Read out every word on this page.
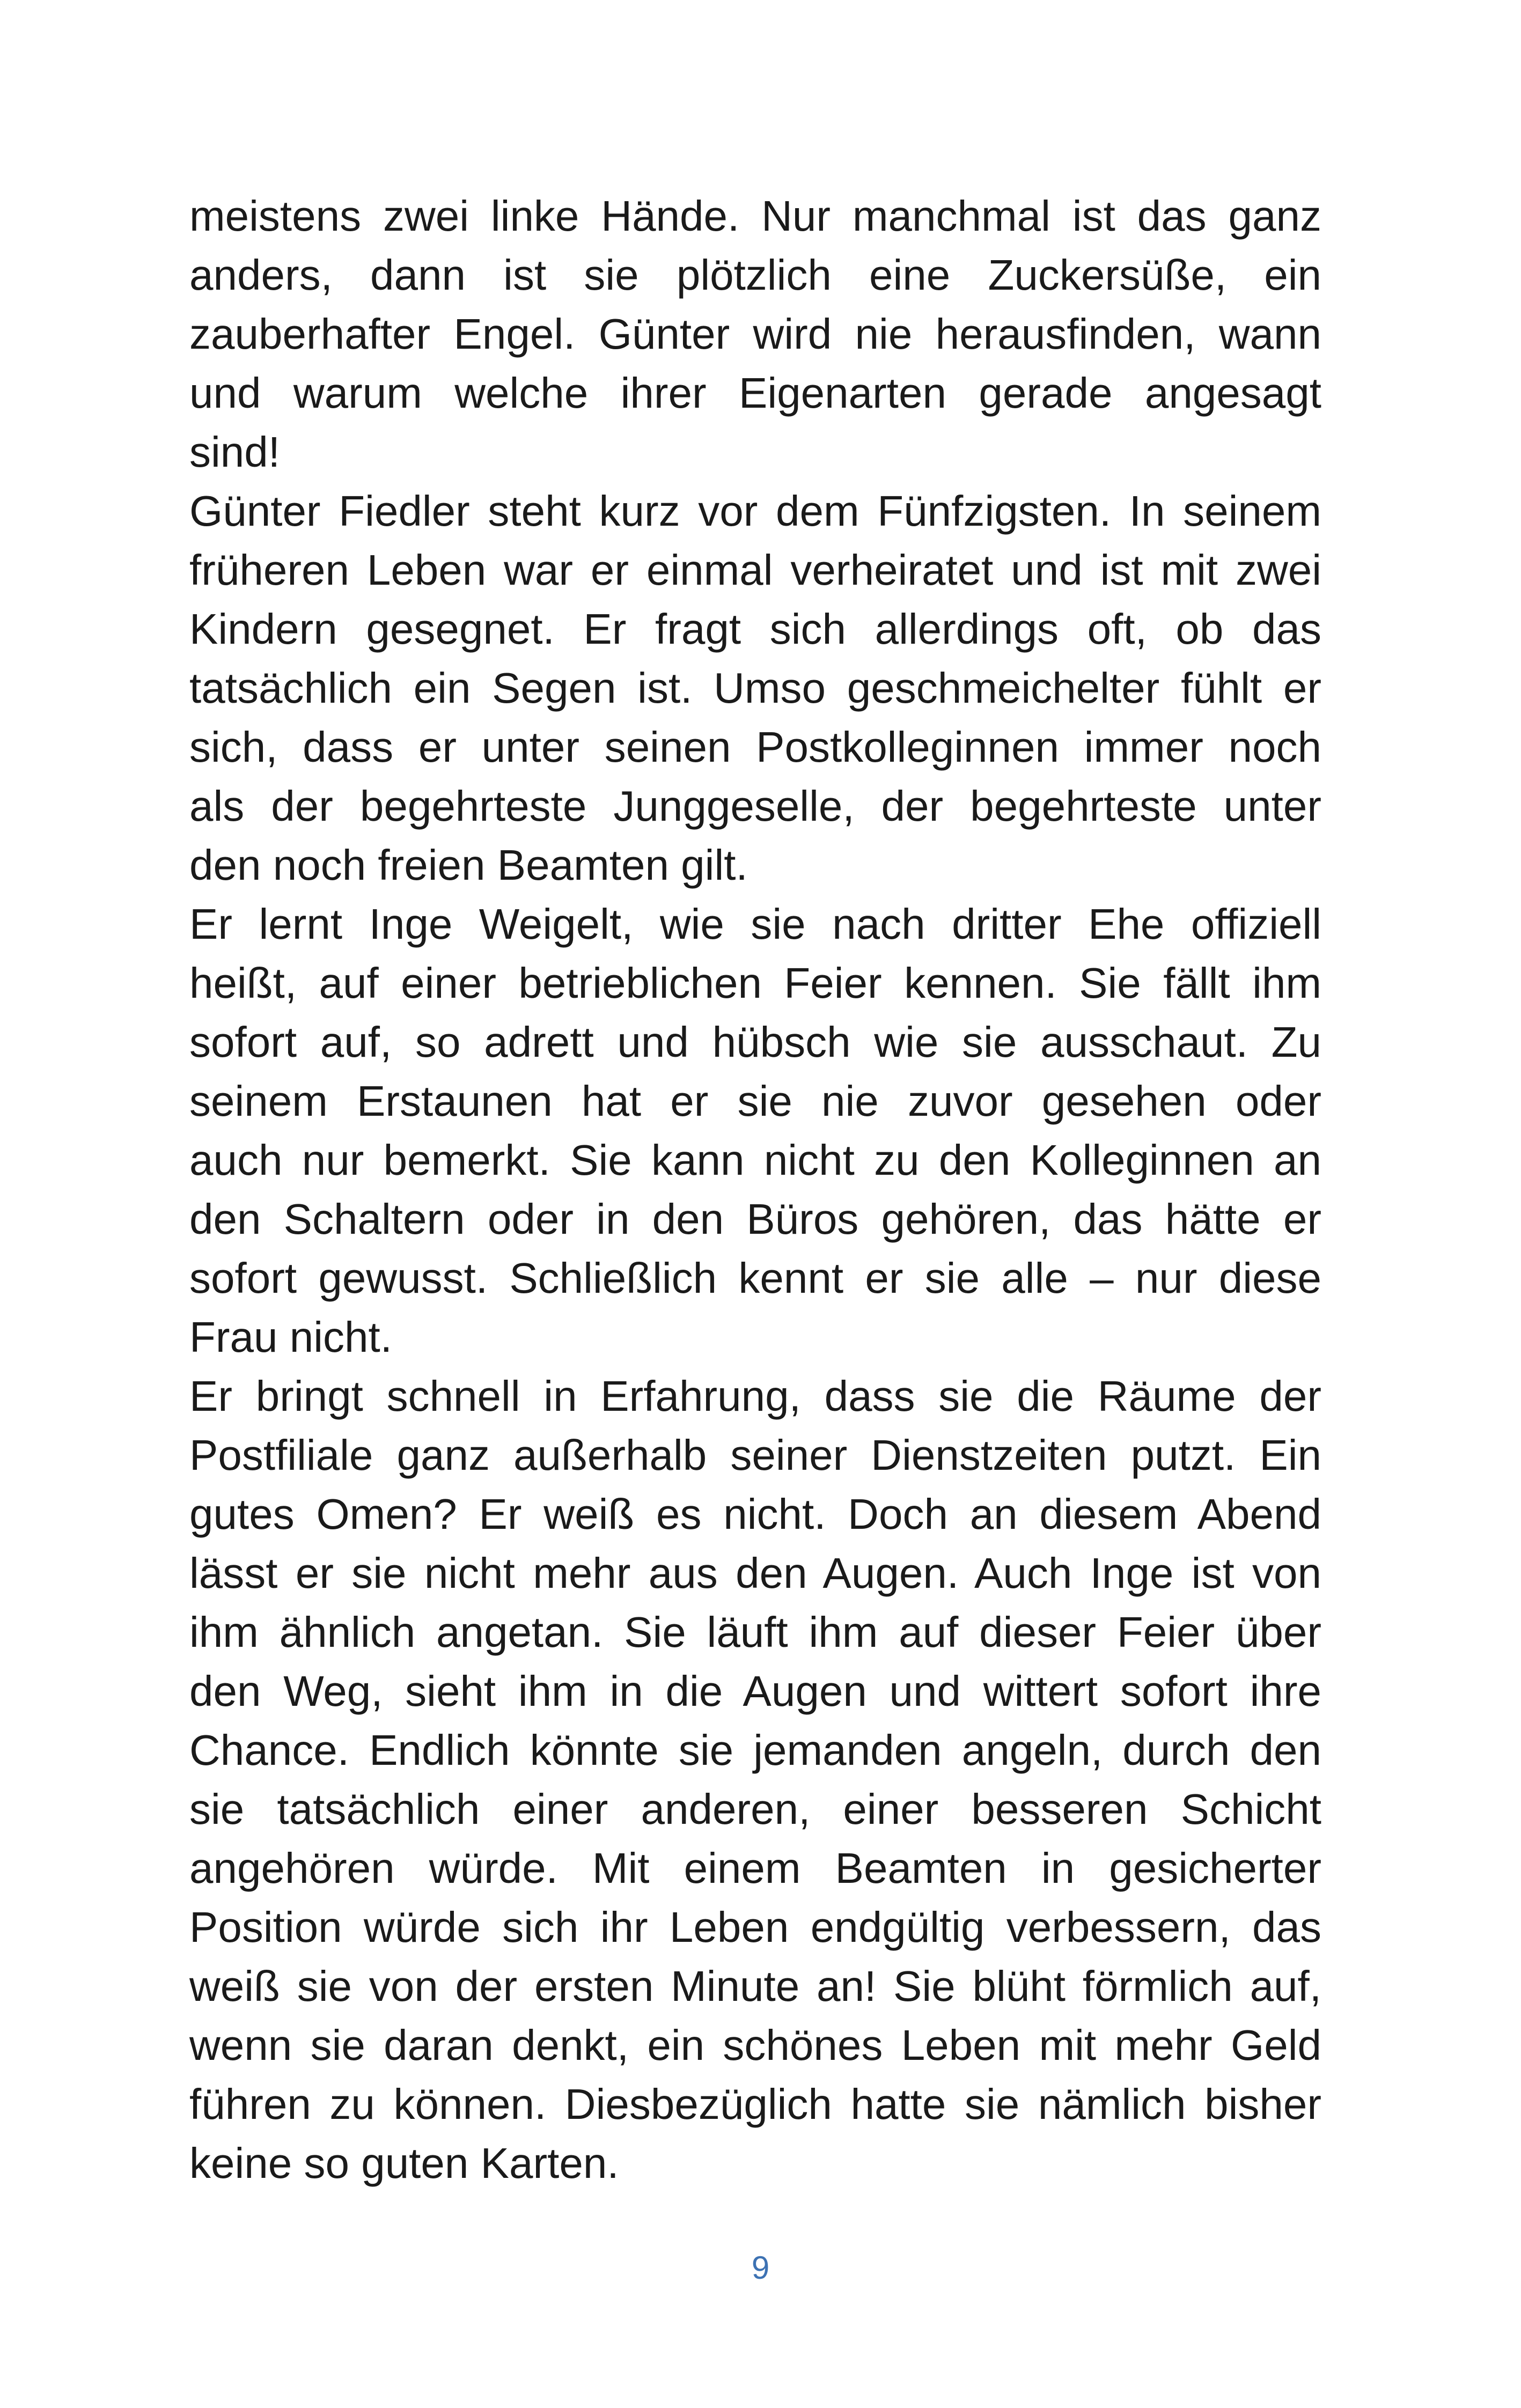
meistens zwei linke Hände. Nur manchmal ist das ganz
anders, dann ist sie plötzlich eine Zuckersüße, ein
zauberhafter Engel. Günter wird nie herausfinden, wann
und warum welche ihrer Eigenarten gerade angesagt
sind!
Günter Fiedler steht kurz vor dem Fünfzigsten. In seinem
früheren Leben war er einmal verheiratet und ist mit zwei
Kindern gesegnet. Er fragt sich allerdings oft, ob das
tatsächlich ein Segen ist. Umso geschmeichelter fühlt er
sich, dass er unter seinen Postkolleginnen immer noch
als der begehrteste Junggeselle, der begehrteste unter
den noch freien Beamten gilt.
Er lernt Inge Weigelt, wie sie nach dritter Ehe offiziell
heißt, auf einer betrieblichen Feier kennen. Sie fällt ihm
sofort auf, so adrett und hübsch wie sie ausschaut. Zu
seinem Erstaunen hat er sie nie zuvor gesehen oder
auch nur bemerkt. Sie kann nicht zu den Kolleginnen an
den Schaltern oder in den Büros gehören, das hätte er
sofort gewusst. Schließlich kennt er sie alle – nur diese
Frau nicht.
Er bringt schnell in Erfahrung, dass sie die Räume der
Postfiliale ganz außerhalb seiner Dienstzeiten putzt. Ein
gutes Omen? Er weiß es nicht. Doch an diesem Abend
lässt er sie nicht mehr aus den Augen. Auch Inge ist von
ihm ähnlich angetan. Sie läuft ihm auf dieser Feier über
den Weg, sieht ihm in die Augen und wittert sofort ihre
Chance. Endlich könnte sie jemanden angeln, durch den
sie tatsächlich einer anderen, einer besseren Schicht
angehören würde. Mit einem Beamten in gesicherter
Position würde sich ihr Leben endgültig verbessern, das
weiß sie von der ersten Minute an! Sie blüht förmlich auf,
wenn sie daran denkt, ein schönes Leben mit mehr Geld
führen zu können. Diesbezüglich hatte sie nämlich bisher
keine so guten Karten.
9
